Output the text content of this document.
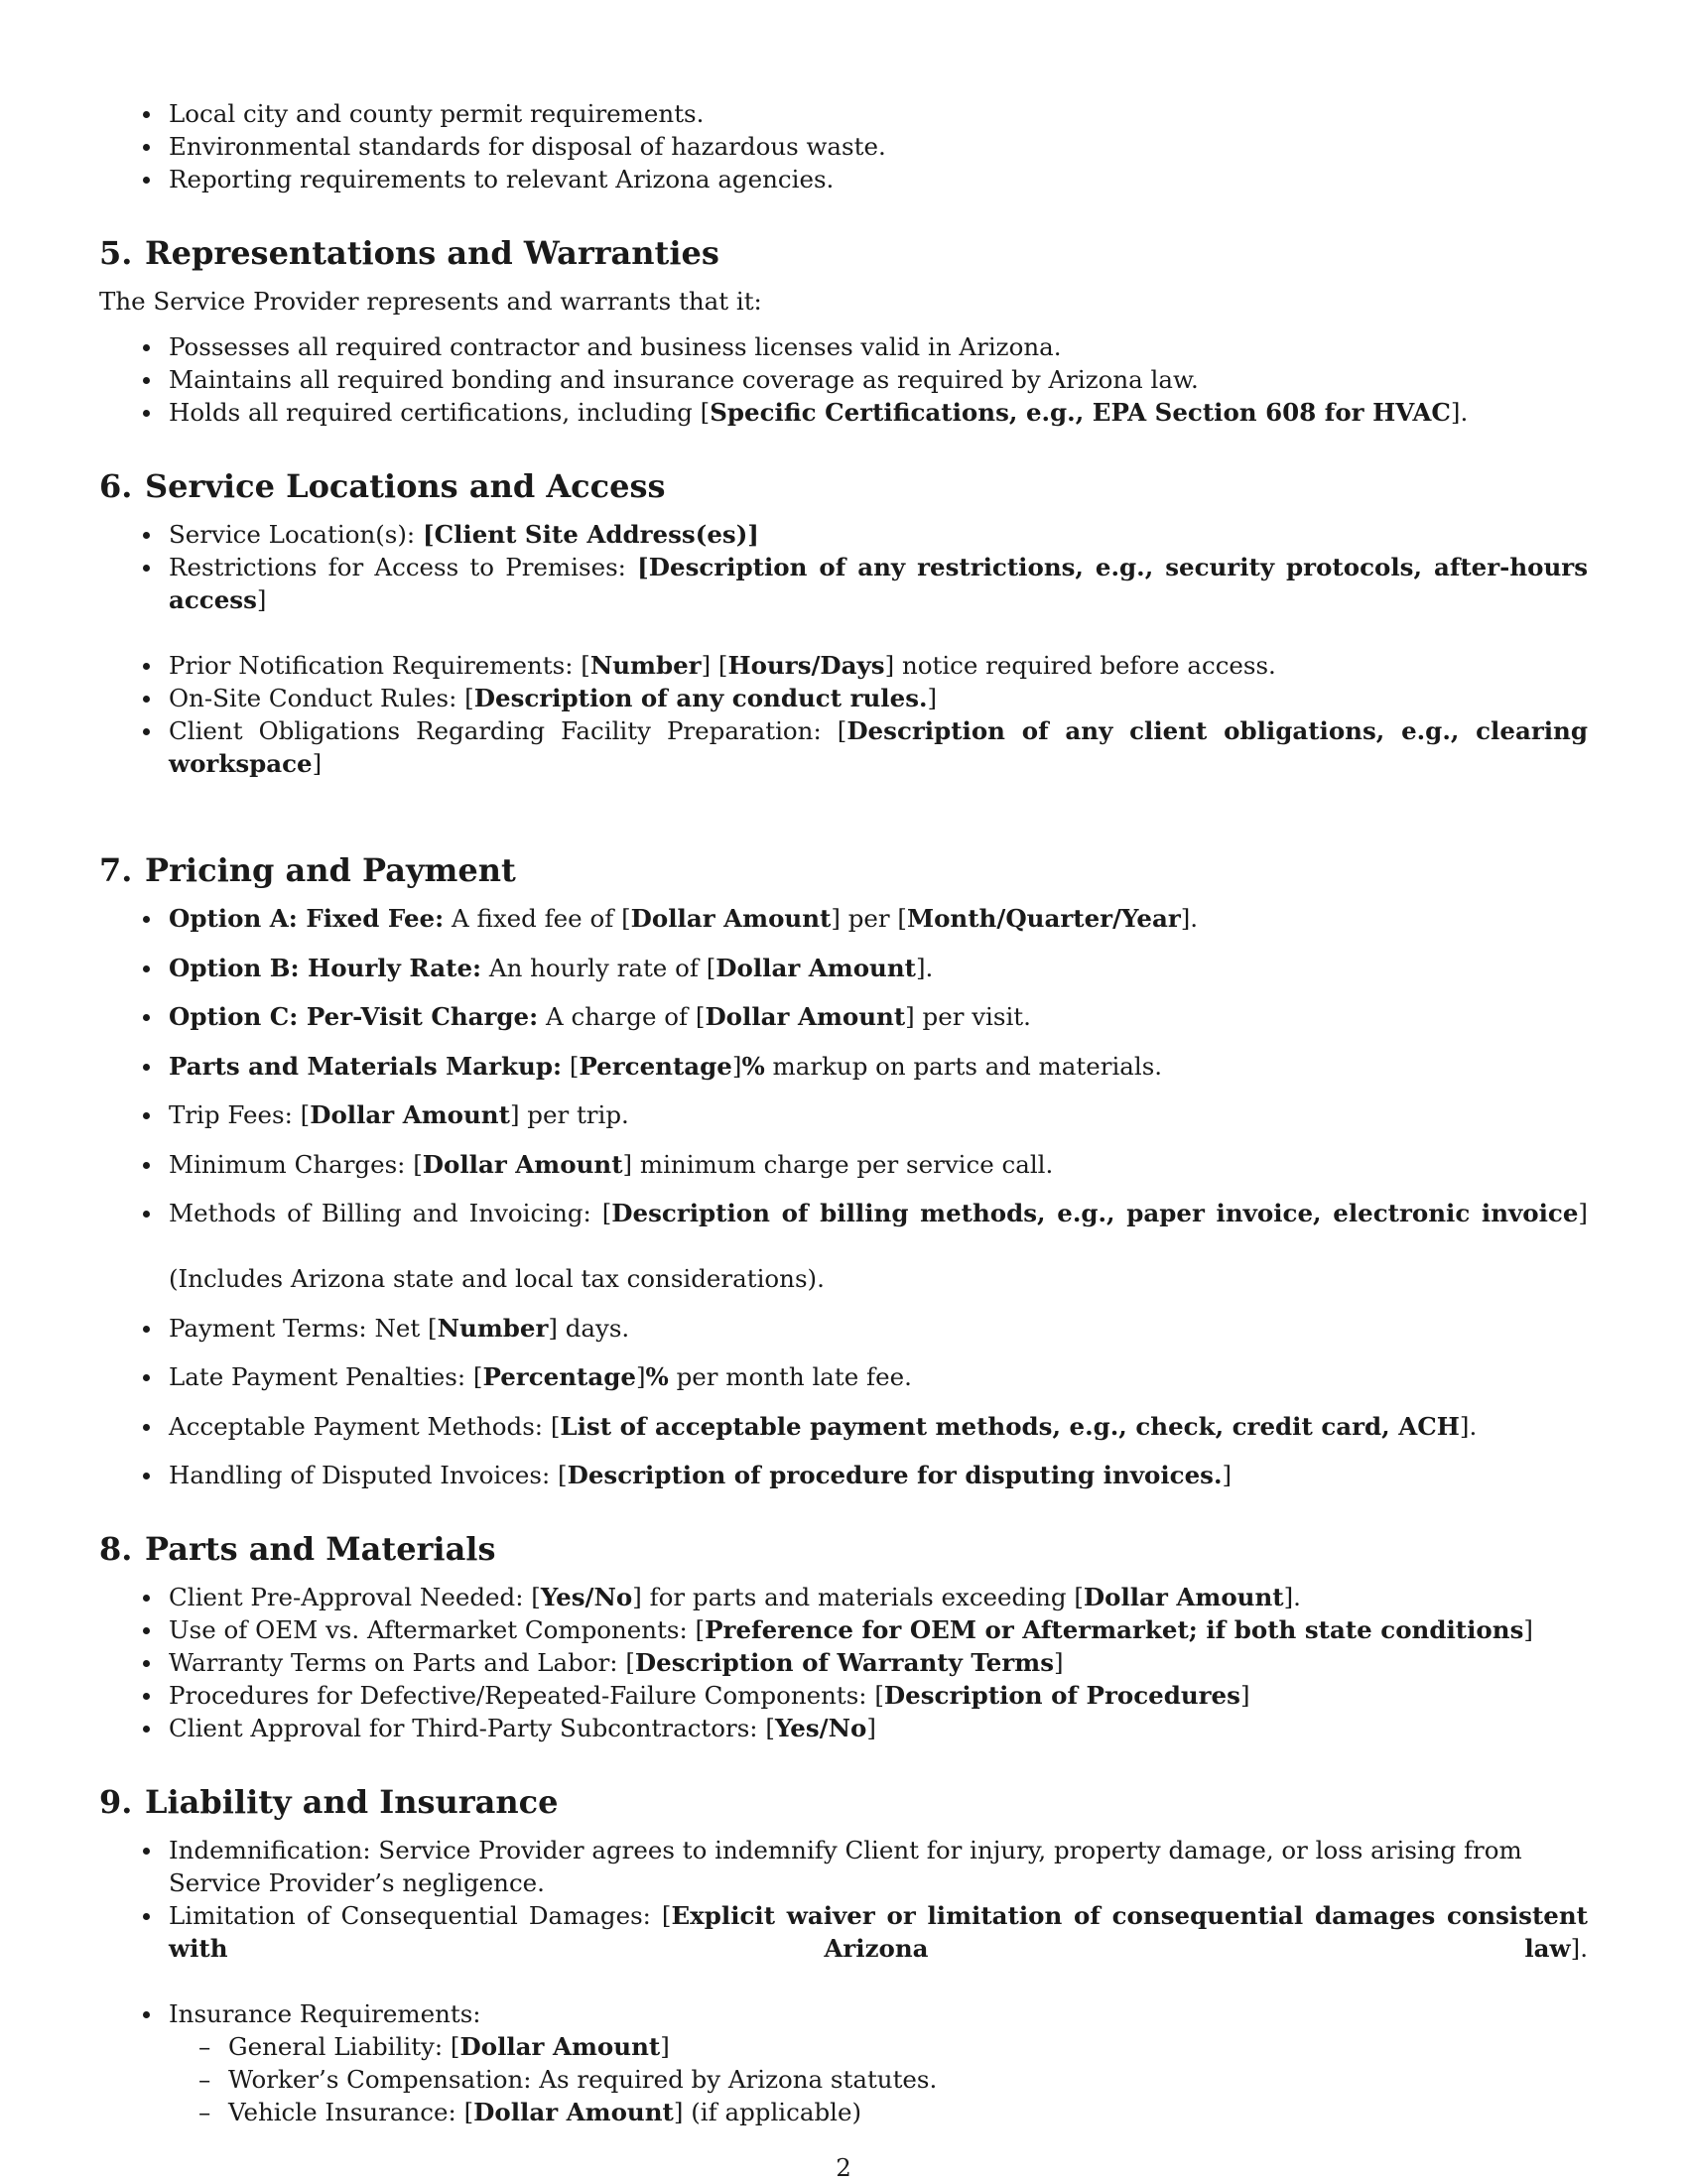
Local city and county permit requirements.
Environmental standards for disposal of hazardous waste.
Reporting requirements to relevant Arizona agencies.
5. Representations and Warranties

The Service Provider represents and warrants that it:

Possesses all required contractor and business licenses valid in Arizona.
Maintains all required bonding and insurance coverage as required by Arizona law.
Holds all required certifications, including [Specific Certifications, e.g., EPA Section 608 for HVAC].
6. Service Locations and Access
Service Location(s): [Client Site Address(es)]
Restrictions for Access to Premises: [Description of any restrictions, e.g., security protocols, after-hours access]
Prior Notification Requirements: [Number] [Hours/Days] notice required before access.
On-Site Conduct Rules: [Description of any conduct rules.]
Client Obligations Regarding Facility Preparation: [Description of any client obligations, e.g., clearing workspace]
7. Pricing and Payment
Option A: Fixed Fee: A fixed fee of [Dollar Amount] per [Month/Quarter/Year].
Option B: Hourly Rate: An hourly rate of [Dollar Amount].
Option C: Per-Visit Charge: A charge of [Dollar Amount] per visit.
Parts and Materials Markup: [Percentage]% markup on parts and materials.
Trip Fees: [Dollar Amount] per trip.
Minimum Charges: [Dollar Amount] minimum charge per service call.
Methods of Billing and Invoicing: [Description of billing methods, e.g., paper invoice, electronic invoice]
(Includes Arizona state and local tax considerations).
Payment Terms: Net [Number] days.
Late Payment Penalties: [Percentage]% per month late fee.
Acceptable Payment Methods: [List of acceptable payment methods, e.g., check, credit card, ACH].
Handling of Disputed Invoices: [Description of procedure for disputing invoices.]
8. Parts and Materials
Client Pre-Approval Needed: [Yes/No] for parts and materials exceeding [Dollar Amount].
Use of OEM vs. Aftermarket Components: [Preference for OEM or Aftermarket; if both state conditions]
Warranty Terms on Parts and Labor: [Description of Warranty Terms]
Procedures for Defective/Repeated-Failure Components: [Description of Procedures]
Client Approval for Third-Party Subcontractors: [Yes/No]
9. Liability and Insurance
Indemnification: Service Provider agrees to indemnify Client for injury, property damage, or loss arising from Service Provider’s negligence.
Limitation of Consequential Damages: [Explicit waiver or limitation of consequential damages consistent with Arizona law].
Insurance Requirements:
– General Liability: [Dollar Amount]
– Worker’s Compensation: As required by Arizona statutes.
– Vehicle Insurance: [Dollar Amount] (if applicable)
2
